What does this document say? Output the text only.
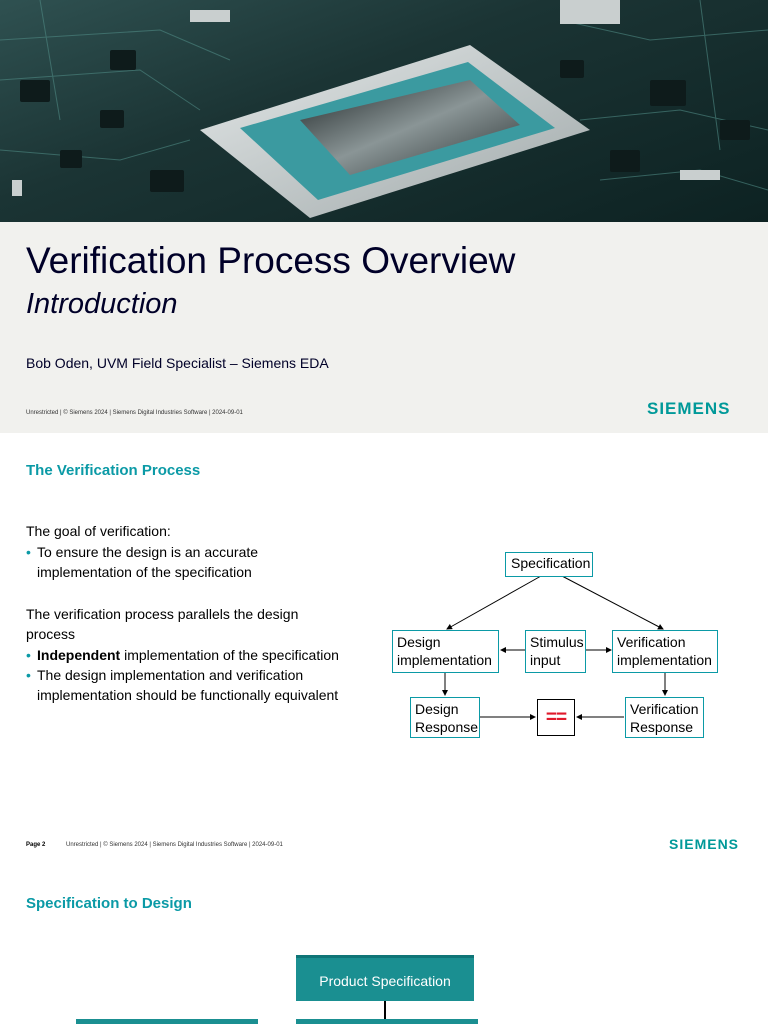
Verification Process Overview
Introduction
Bob Oden, UVM Field Specialist – Siemens EDA
Unrestricted | © Siemens 2024 | Siemens Digital Industries Software | 2024-09-01	SIEMENS
The Verification Process
The goal of verification:
• To ensure the design is an accurate implementation of the specification
The verification process parallels the design process
• Independent implementation of the specification
• The design implementation and verification implementation should be functionally equivalent
Specification
Design implementation
Stimulus input
Verification implementation
Design Response	==	Verification Response
Page 2	Unrestricted | © Siemens 2024 | Siemens Digital Industries Software | 2024-09-01	SIEMENS
Specification to Design
Product Specification
